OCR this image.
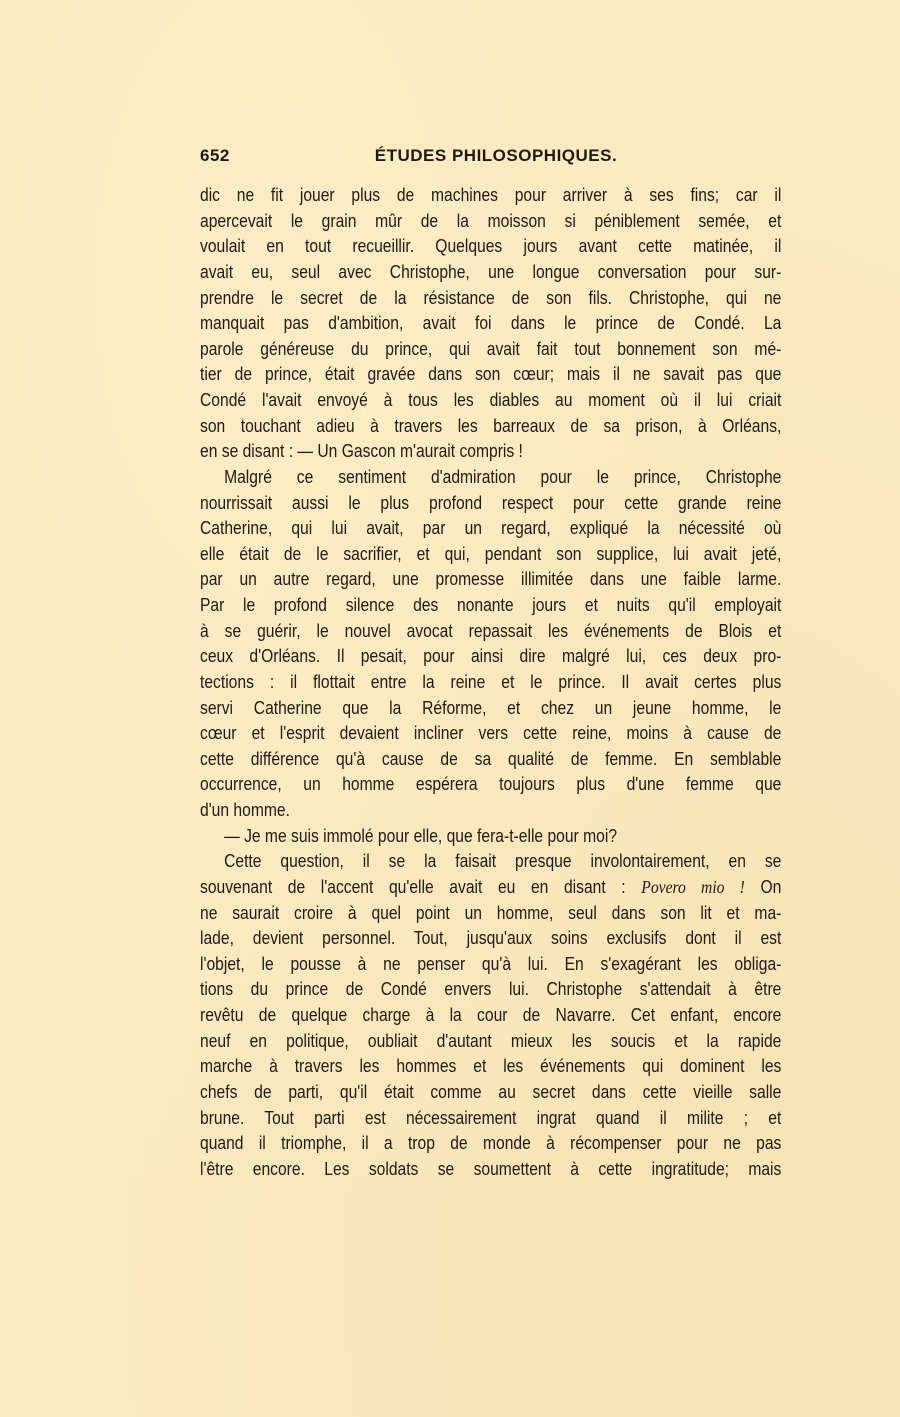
652	ÉTUDES PHILOSOPHIQUES.
dic ne fit jouer plus de machines pour arriver à ses fins; car il
apercevait le grain mûr de la moisson si péniblement semée, et
voulait en tout recueillir. Quelques jours avant cette matinée, il
avait eu, seul avec Christophe, une longue conversation pour sur-
prendre le secret de la résistance de son fils. Christophe, qui ne
manquait pas d'ambition, avait foi dans le prince de Condé. La
parole généreuse du prince, qui avait fait tout bonnement son mé-
tier de prince, était gravée dans son cœur; mais il ne savait pas que
Condé l'avait envoyé à tous les diables au moment où il lui criait
son touchant adieu à travers les barreaux de sa prison, à Orléans,
en se disant : — Un Gascon m'aurait compris !
Malgré ce sentiment d'admiration pour le prince, Christophe
nourrissait aussi le plus profond respect pour cette grande reine
Catherine, qui lui avait, par un regard, expliqué la nécessité où
elle était de le sacrifier, et qui, pendant son supplice, lui avait jeté,
par un autre regard, une promesse illimitée dans une faible larme.
Par le profond silence des nonante jours et nuits qu'il employait
à se guérir, le nouvel avocat repassait les événements de Blois et
ceux d'Orléans. Il pesait, pour ainsi dire malgré lui, ces deux pro-
tections : il flottait entre la reine et le prince. Il avait certes plus
servi Catherine que la Réforme, et chez un jeune homme, le
cœur et l'esprit devaient incliner vers cette reine, moins à cause de
cette différence qu'à cause de sa qualité de femme. En semblable
occurrence, un homme espérera toujours plus d'une femme que
d'un homme.
— Je me suis immolé pour elle, que fera-t-elle pour moi?
Cette question, il se la faisait presque involontairement, en se
souvenant de l'accent qu'elle avait eu en disant : Povero mio ! On
ne saurait croire à quel point un homme, seul dans son lit et ma-
lade, devient personnel. Tout, jusqu'aux soins exclusifs dont il est
l'objet, le pousse à ne penser qu'à lui. En s'exagérant les obliga-
tions du prince de Condé envers lui. Christophe s'attendait à être
revêtu de quelque charge à la cour de Navarre. Cet enfant, encore
neuf en politique, oubliait d'autant mieux les soucis et la rapide
marche à travers les hommes et les événements qui dominent les
chefs de parti, qu'il était comme au secret dans cette vieille salle
brune. Tout parti est nécessairement ingrat quand il milite ; et
quand il triomphe, il a trop de monde à récompenser pour ne pas
l'être encore. Les soldats se soumettent à cette ingratitude; mais
